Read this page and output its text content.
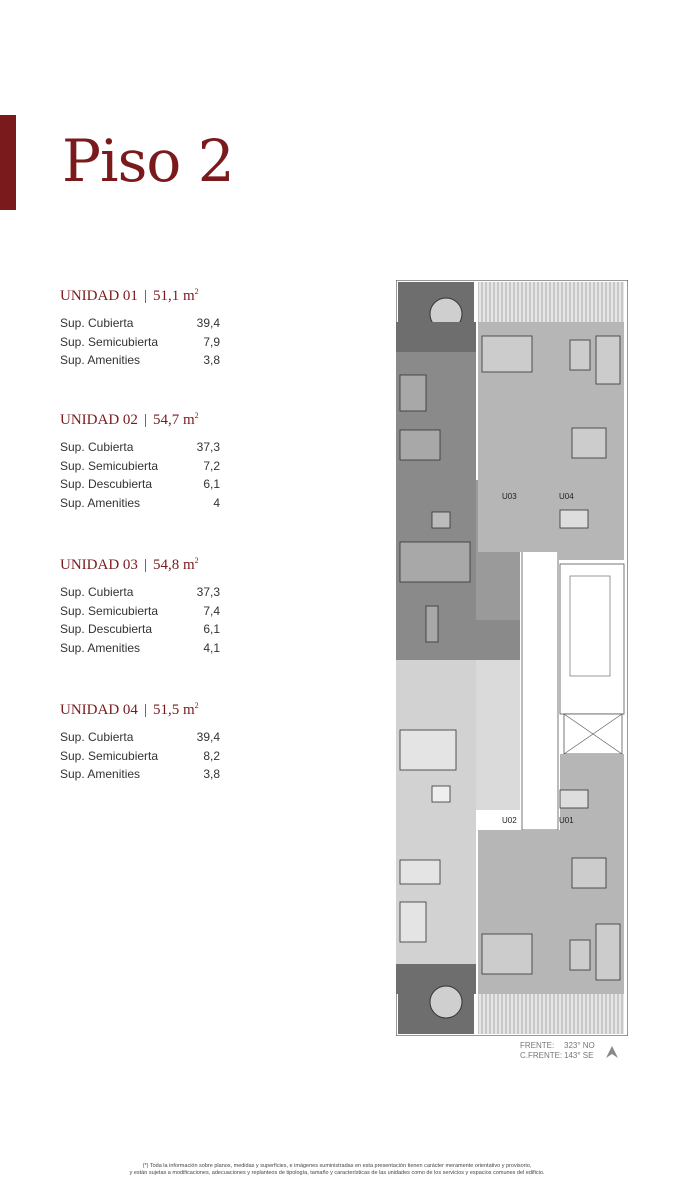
Piso 2
UNIDAD 01 | 51,1 $m^2$
Sup. Cubierta	39,4
Sup. Semicubierta	7,9
Sup. Amenities	3,8
UNIDAD 02 | 54,7 $m^2$
Sup. Cubierta	37,3
Sup. Semicubierta	7,2
Sup. Descubierta	6,1
Sup. Amenities	4
UNIDAD 03 | 54,8 $m^2$
Sup. Cubierta	37,3
Sup. Semicubierta	7,4
Sup. Descubierta	6,1
Sup. Amenities	4,1
UNIDAD 04 | 51,5 $m^2$
Sup. Cubierta	39,4
Sup. Semicubierta	8,2
Sup. Amenities	3,8
U03	U04
U02	U01
FRENTE: 323° NO
C.FRENTE: 143° SE
(*) Toda la información sobre planos, medidas y superficies, e imágenes suministradas en esta presentación tienen carácter meramente orientativo y provisorio,
y están sujetas a modificaciones, adecuaciones y replanteos de tipología, tamaño y características de las unidades como de los servicios y espacios comunes del edificio.
